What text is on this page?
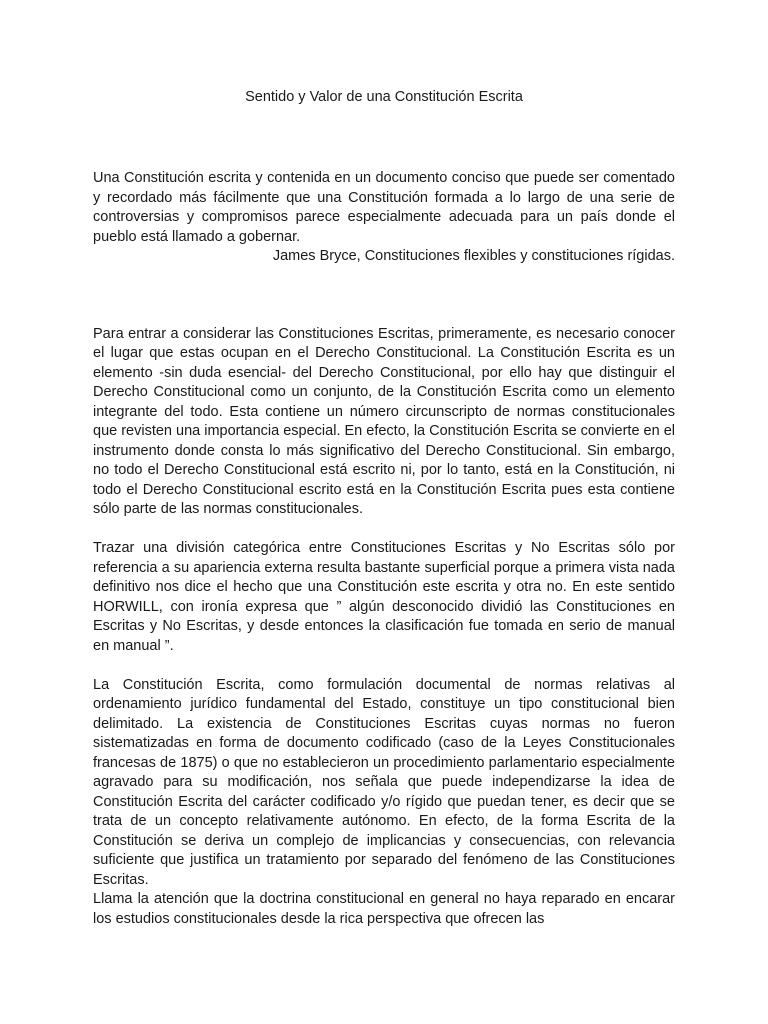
Sentido y Valor de una Constitución Escrita

Una Constitución escrita y contenida en un documento conciso que puede ser comentado y recordado más fácilmente que una Constitución formada a lo largo de una serie de controversias y compromisos parece especialmente adecuada para un país donde el pueblo está llamado a gobernar.
James Bryce, Constituciones flexibles y constituciones rígidas.

Para entrar a considerar las Constituciones Escritas, primeramente, es necesario conocer el lugar que estas ocupan en el Derecho Constitucional. La Constitución Escrita es un elemento -sin duda esencial- del Derecho Constitucional, por ello hay que distinguir el Derecho Constitucional como un conjunto, de la Constitución Escrita como un elemento integrante del todo. Esta contiene un número circunscripto de normas constitucionales que revisten una importancia especial. En efecto, la Constitución Escrita se convierte en el instrumento donde consta lo más significativo del Derecho Constitucional. Sin embargo, no todo el Derecho Constitucional está escrito ni, por lo tanto, está en la Constitución, ni todo el Derecho Constitucional escrito está en la Constitución Escrita pues esta contiene sólo parte de las normas constitucionales.

Trazar una división categórica entre Constituciones Escritas y No Escritas sólo por referencia a su apariencia externa resulta bastante superficial porque a primera vista nada definitivo nos dice el hecho que una Constitución este escrita y otra no. En este sentido HORWILL, con ironía expresa que ” algún desconocido dividió las Constituciones en Escritas y No Escritas, y desde entonces la clasificación fue tomada en serio de manual en manual ”.

La Constitución Escrita, como formulación documental de normas relativas al ordenamiento jurídico fundamental del Estado, constituye un tipo constitucional bien delimitado. La existencia de Constituciones Escritas cuyas normas no fueron sistematizadas en forma de documento codificado (caso de la Leyes Constitucionales francesas de 1875) o que no establecieron un procedimiento parlamentario especialmente agravado para su modificación, nos señala que puede independizarse la idea de Constitución Escrita del carácter codificado y/o rígido que puedan tener, es decir que se trata de un concepto relativamente autónomo. En efecto, de la forma Escrita de la Constitución se deriva un complejo de implicancias y consecuencias, con relevancia suficiente que justifica un tratamiento por separado del fenómeno de las Constituciones Escritas.

Llama la atención que la doctrina constitucional en general no haya reparado en encarar los estudios constitucionales desde la rica perspectiva que ofrecen las
